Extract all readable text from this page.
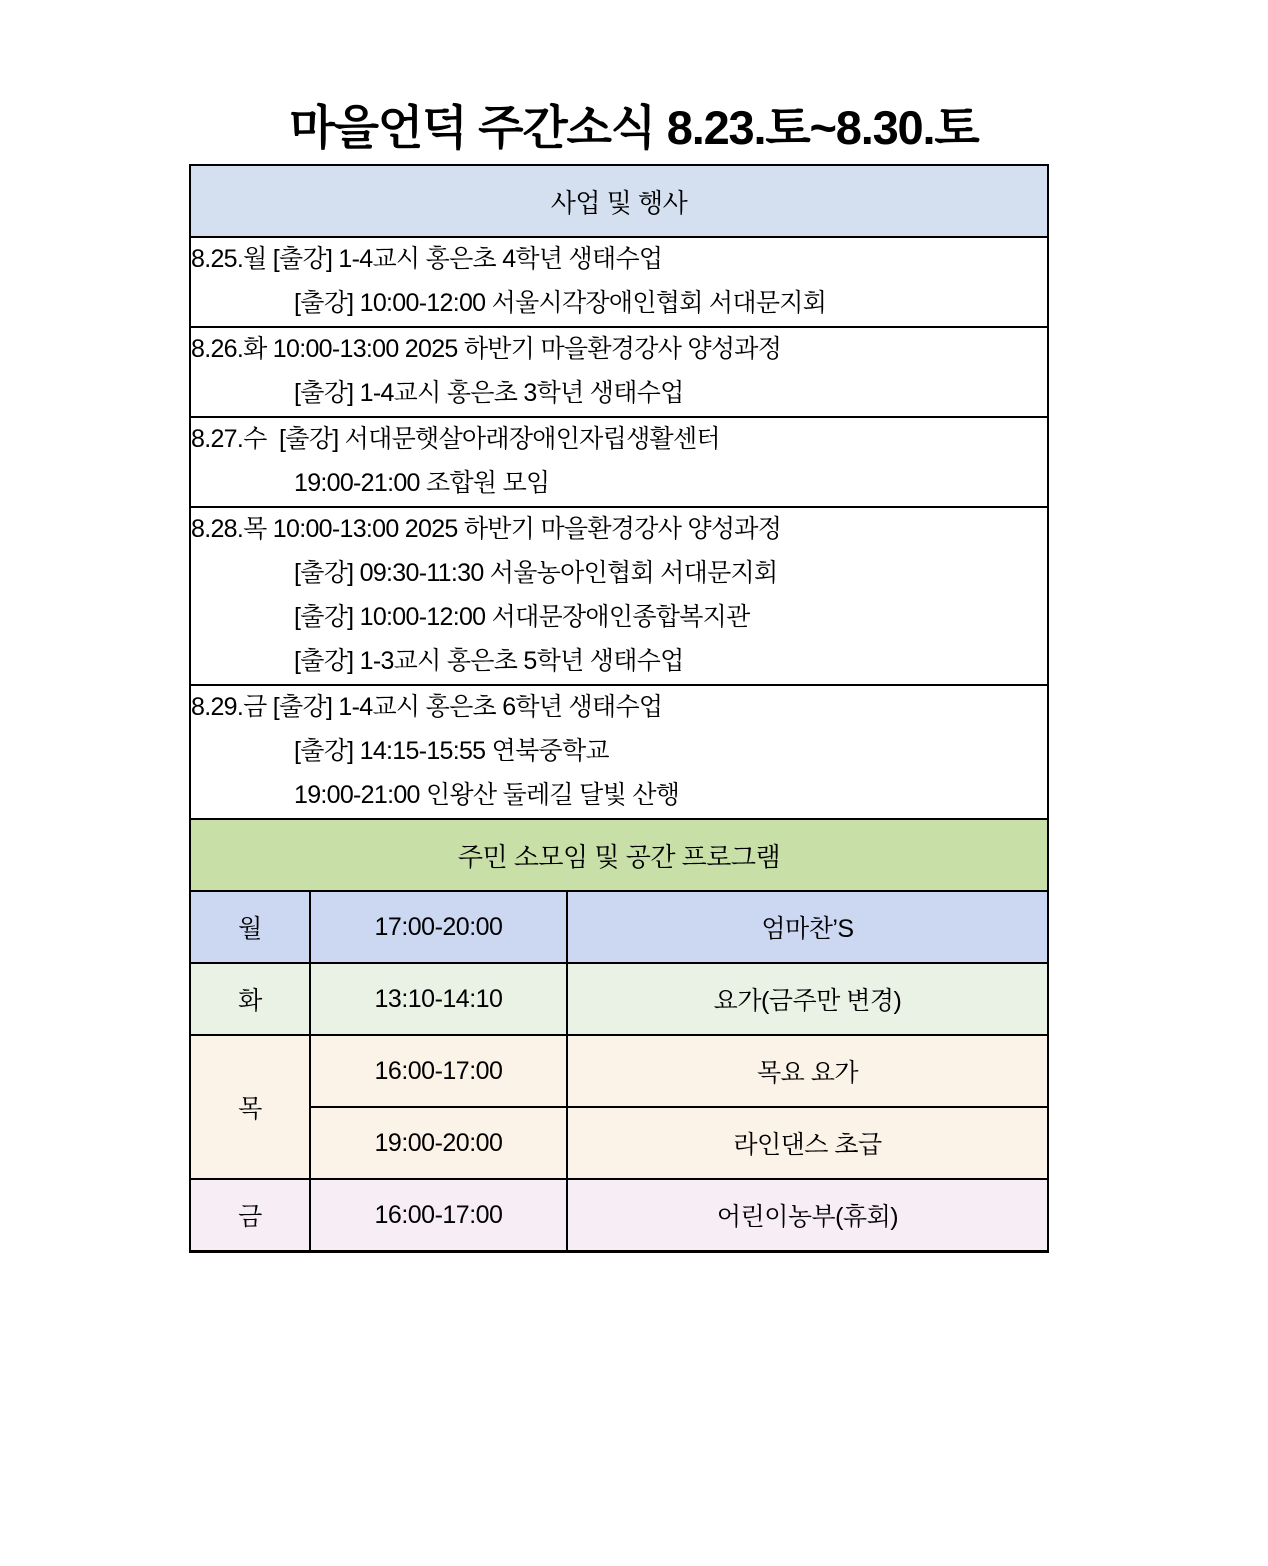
마을언덕 주간소식 8.23.토~8.30.토
사업 및 행사		

8.25.월 [출강] 1-4교시 홍은초 4학년 생태수업
[출강] 10:00-12:00 서울시각장애인협회 서대문지회		

8.26.화 10:00-13:00 2025 하반기 마을환경강사 양성과정
[출강] 1-4교시 홍은초 3학년 생태수업		

8.27.수  [출강] 서대문햇살아래장애인자립생활센터
19:00-21:00 조합원 모임		

8.28.목 10:00-13:00 2025 하반기 마을환경강사 양성과정
[출강] 09:30-11:30 서울농아인협회 서대문지회
[출강] 10:00-12:00 서대문장애인종합복지관
[출강] 1-3교시 홍은초 5학년 생태수업		

8.29.금 [출강] 1-4교시 홍은초 6학년 생태수업
[출강] 14:15-15:55 연북중학교
19:00-21:00 인왕산 둘레길 달빛 산행		

주민 소모임 및 공간 프로그램		
월	17:00-20:00	엄마찬’S
화	13:10-14:10	요가(금주만 변경)
목	16:00-17:00	목요 요가
	19:00-20:00	라인댄스 초급
금	16:00-17:00	어린이농부(휴회)
